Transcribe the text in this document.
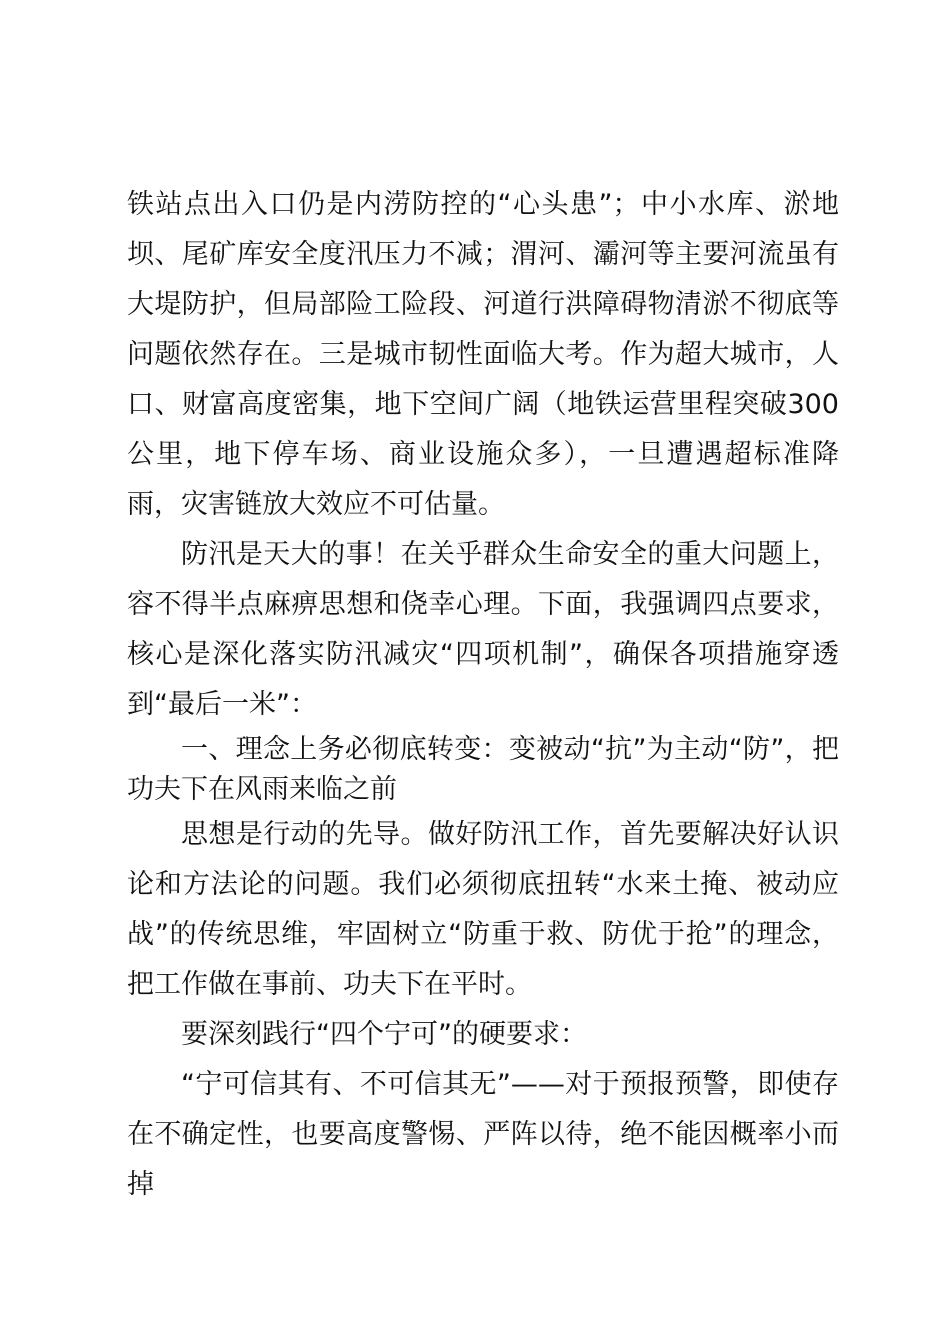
铁站点出入口仍是内涝防控的“心头患”；中小水库、淤地坝、尾矿库安全度汛压力不减；渭河、灞河等主要河流虽有大堤防护，但局部险工险段、河道行洪障碍物清淤不彻底等问题依然存在。三是城市韧性面临大考。作为超大城市，人口、财富高度密集，地下空间广阔（地铁运营里程突破300公里，地下停车场、商业设施众多），一旦遭遇超标准降雨，灾害链放大效应不可估量。

防汛是天大的事！在关乎群众生命安全的重大问题上，容不得半点麻痹思想和侥幸心理。下面，我强调四点要求，核心是深化落实防汛减灾“四项机制”，确保各项措施穿透到“最后一米”：

一、理念上务必彻底转变：变被动“抗”为主动“防”，把功夫下在风雨来临之前

思想是行动的先导。做好防汛工作，首先要解决好认识论和方法论的问题。我们必须彻底扭转“水来土掩、被动应战”的传统思维，牢固树立“防重于救、防优于抢”的理念，把工作做在事前、功夫下在平时。

要深刻践行“四个宁可”的硬要求：

“宁可信其有、不可信其无”——对于预报预警，即使存在不确定性，也要高度警惕、严阵以待，绝不能因概率小而掉
